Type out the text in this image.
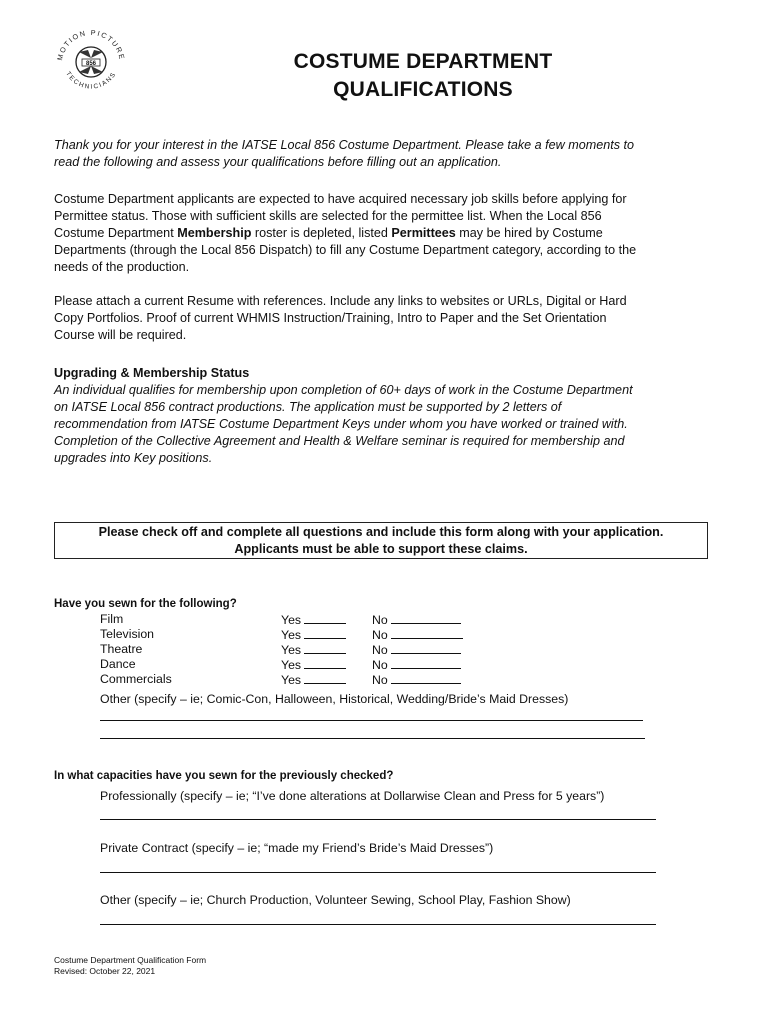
MOTION PICTURE
TECHNICIANS
856	COSTUME DEPARTMENT
QUALIFICATIONS
Thank you for your interest in the IATSE Local 856 Costume Department. Please take a few moments to
read the following and assess your qualifications before filling out an application.
Costume Department applicants are expected to have acquired necessary job skills before applying for
Permittee status. Those with sufficient skills are selected for the permittee list. When the Local 856
Costume Department Membership roster is depleted, listed Permittees may be hired by Costume
Departments (through the Local 856 Dispatch) to fill any Costume Department category, according to the
needs of the production.
Please attach a current Resume with references. Include any links to websites or URLs, Digital or Hard
Copy Portfolios. Proof of current WHMIS Instruction/Training, Intro to Paper and the Set Orientation
Course will be required.
Upgrading & Membership Status
An individual qualifies for membership upon completion of 60+ days of work in the Costume Department
on IATSE Local 856 contract productions. The application must be supported by 2 letters of
recommendation from IATSE Costume Department Keys under whom you have worked or trained with.
Completion of the Collective Agreement and Health & Welfare seminar is required for membership and
upgrades into Key positions.
Please check off and complete all questions and include this form along with your application.
Applicants must be able to support these claims.
Have you sewn for the following?
Film	Yes	No
Television	Yes	No
Theatre	Yes	No
Dance	Yes	No
Commercials	Yes	No
Other (specify – ie; Comic-Con, Halloween, Historical, Wedding/Bride’s Maid Dresses)
In what capacities have you sewn for the previously checked?
Professionally (specify – ie; “I’ve done alterations at Dollarwise Clean and Press for 5 years”)
Private Contract (specify – ie; “made my Friend’s Bride’s Maid Dresses”)
Other (specify – ie; Church Production, Volunteer Sewing, School Play, Fashion Show)
Costume Department Qualification Form
Revised: October 22, 2021
